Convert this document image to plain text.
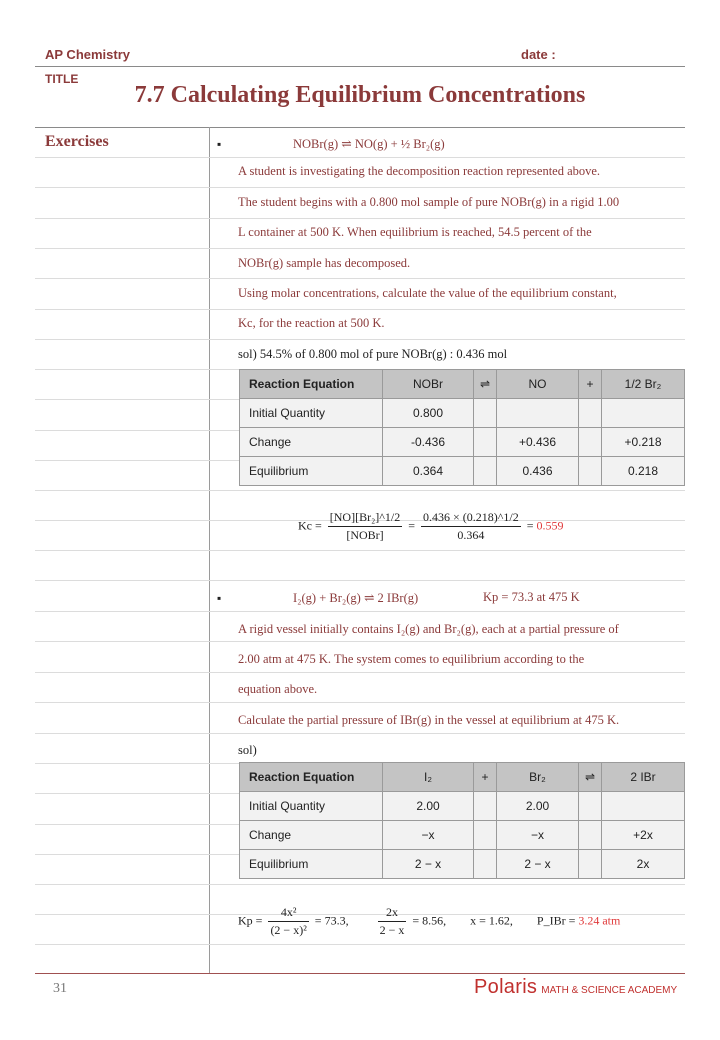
AP Chemistry	date :
TITLE
7.7 Calculating Equilibrium Concentrations
Exercises	▪	NOBr(g) ⇌ NO(g) + ½ Br₂(g)
A student is investigating the decomposition reaction represented above.
The student begins with a 0.800 mol sample of pure NOBr(g) in a rigid 1.00
L container at 500 K. When equilibrium is reached, 54.5 percent of the
NOBr(g) sample has decomposed.
Using molar concentrations, calculate the value of the equilibrium constant,
Kc, for the reaction at 500 K.
sol) 54.5% of 0.800 mol of pure NOBr(g) : 0.436 mol
Reaction Equation	NOBr	⇌	NO	+	1/2 Br₂
Initial Quantity	0.800				
Change	-0.436		+0.436		+0.218
Equilibrium	0.364		0.436		0.218
$Kc = \frac{\text{[NO][Br₂]\textasciicircum{}1/2}}{\text{[NOBr]}} = \frac{0.436 \times (0.218)\^{}1/2}{0.364} = 0.559$
▪	I₂(g) + Br₂(g) ⇌ 2 IBr(g)	Kp = 73.3 at 475 K
A rigid vessel initially contains I₂(g) and Br₂(g), each at a partial pressure of
2.00 atm at 475 K. The system comes to equilibrium according to the
equation above.
Calculate the partial pressure of IBr(g) in the vessel at equilibrium at 475 K.
sol)
Reaction Equation	I₂	+	Br₂	⇌	2 IBr
Initial Quantity	2.00		2.00		
Change	−x		−x		+2x
Equilibrium	2 − x		2 − x		2x
$Kp = \frac{\text{4x²}}{\text{(2 − x)²}} = 73.3$, $\frac{2x}{2 - x} = 8.56$, x = 1.62, P_IBr = 3.24 atm
31	Polaris MATH & SCIENCE ACADEMY
